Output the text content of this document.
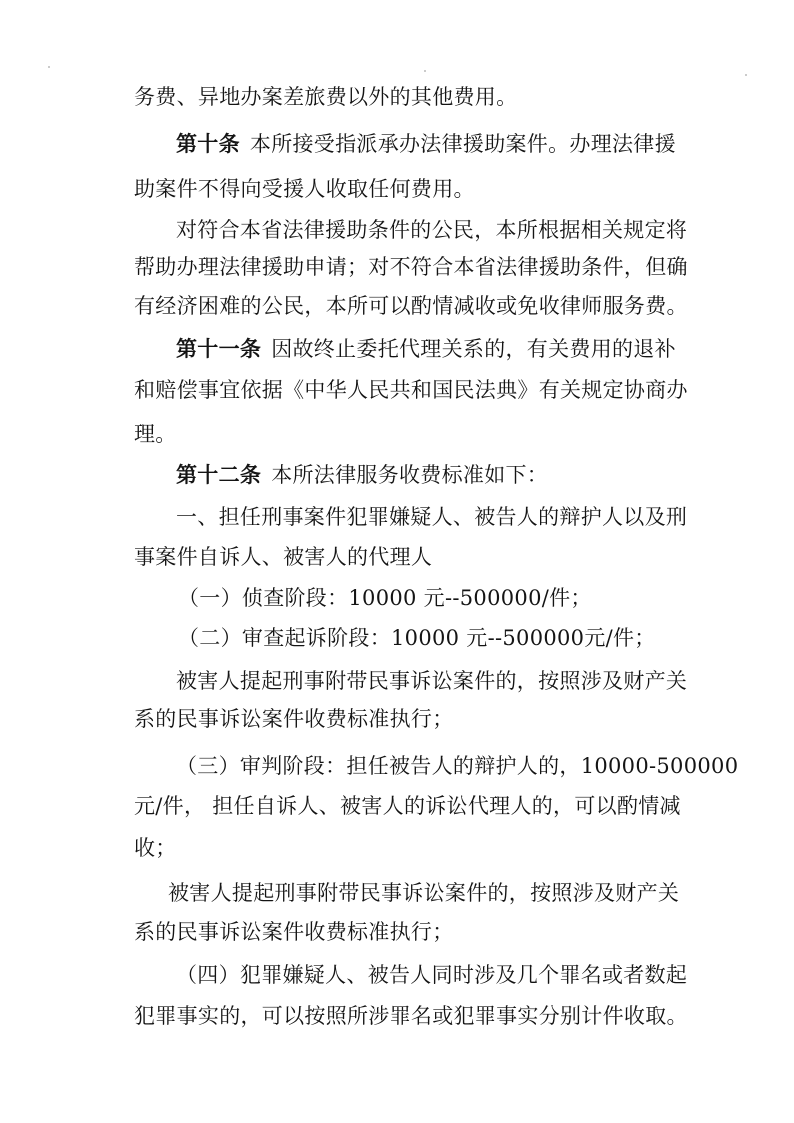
务费、异地办案差旅费以外的其他费用。
第十条 本所接受指派承办法律援助案件。办理法律援
助案件不得向受援人收取任何费用。
对符合本省法律援助条件的公民，本所根据相关规定将
帮助办理法律援助申请；对不符合本省法律援助条件，但确
有经济困难的公民，本所可以酌情减收或免收律师服务费。
第十一条 因故终止委托代理关系的，有关费用的退补
和赔偿事宜依据《中华人民共和国民法典》有关规定协商办
理。
第十二条 本所法律服务收费标准如下：
一、担任刑事案件犯罪嫌疑人、被告人的辩护人以及刑
事案件自诉人、被害人的代理人
（一）侦查阶段：10000 元--500000/件；
（二）审查起诉阶段：10000 元--500000元/件；
被害人提起刑事附带民事诉讼案件的，按照涉及财产关
系的民事诉讼案件收费标准执行；
（三）审判阶段：担任被告人的辩护人的，10000-500000
元/件， 担任自诉人、被害人的诉讼代理人的，可以酌情减
收；
被害人提起刑事附带民事诉讼案件的，按照涉及财产关
系的民事诉讼案件收费标准执行；
（四）犯罪嫌疑人、被告人同时涉及几个罪名或者数起
犯罪事实的，可以按照所涉罪名或犯罪事实分别计件收取。
